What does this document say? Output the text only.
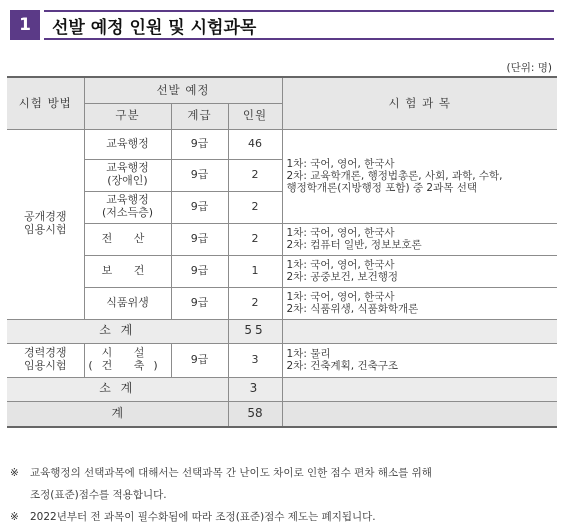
1	선발 예정 인원 및 시험과목
(단위: 명)
시험 방법	선발 예정			시 험 과 목
	구분	계급	인원	
공개경쟁
임용시험	교육행정	9급	46	1차: 국어, 영어, 한국사
2차: 교육학개론, 행정법총론, 사회, 과학, 수학,
행정학개론(지방행정 포함) 중 2과목 선택
	교육행정
(장애인)	9급	2	
	교육행정
(저소득층)	9급	2	
	전 산	9급	2	1차: 국어, 영어, 한국사
2차: 컴퓨터 일반, 정보보호론
	보 건	9급	1	1차: 국어, 영어, 한국사
2차: 공중보건, 보건행정
	식품위생	9급	2	1차: 국어, 영어, 한국사
2차: 식품위생, 식품화학개론
소 계			55	
경력경쟁
임용시험	시 설
(건 축)	9급	3	1차: 물리
2차: 건축계획, 건축구조
소 계			3	
계			58	
※	교육행정의 선택과목에 대해서는 선택과목 간 난이도 차이로 인한 점수 편차 해소를 위해
조정(표준)점수를 적용합니다.
※	2022년부터 전 과목이 필수화됨에 따라 조정(표준)점수 제도는 폐지됩니다.
